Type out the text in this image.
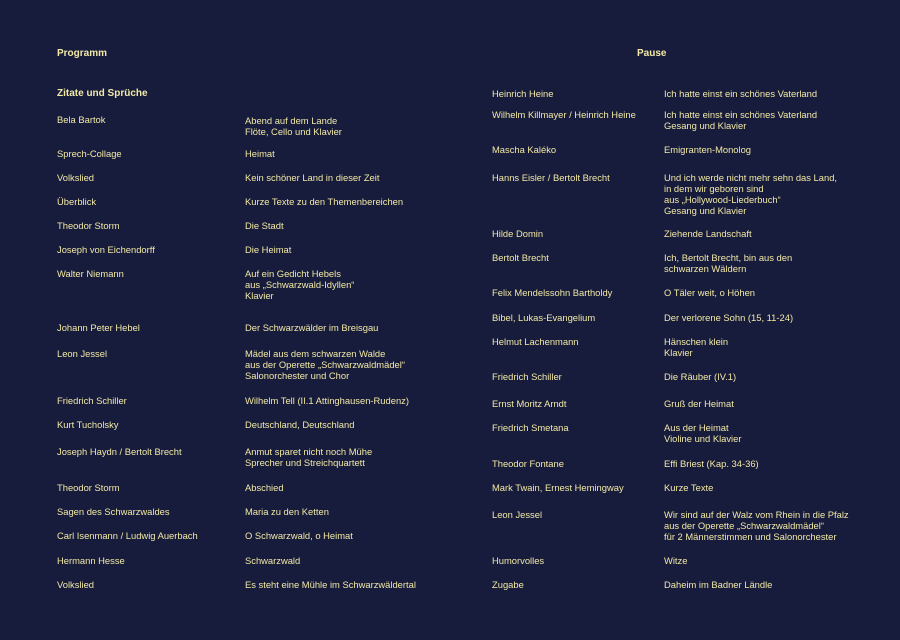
Programm
Zitate und Sprüche
Bela Bartok	Abend auf dem Lande
Flöte, Cello und Klavier
Sprech-Collage	Heimat
Volkslied	Kein schöner Land in dieser Zeit
Überblick	Kurze Texte zu den Themenbereichen
Theodor Storm	Die Stadt
Joseph von Eichendorff	Die Heimat
Walter Niemann	Auf ein Gedicht Hebels
aus „Schwarzwald-Idyllen“
Klavier
Johann Peter Hebel	Der Schwarzwälder im Breisgau
Leon Jessel	Mädel aus dem schwarzen Walde
aus der Operette „Schwarzwaldmädel“
Salonorchester und Chor
Friedrich Schiller	Wilhelm Tell (II.1 Attinghausen-Rudenz)
Kurt Tucholsky	Deutschland, Deutschland
Joseph Haydn / Bertolt Brecht	Anmut sparet nicht noch Mühe
Sprecher und Streichquartett
Theodor Storm	Abschied
Sagen des Schwarzwaldes	Maria zu den Ketten
Carl Isenmann / Ludwig Auerbach	O Schwarzwald, o Heimat
Hermann Hesse	Schwarzwald
Volkslied	Es steht eine Mühle im Schwarzwäldertal
Pause
Heinrich Heine	Ich hatte einst ein schönes Vaterland
Wilhelm Killmayer / Heinrich Heine	Ich hatte einst ein schönes Vaterland
Gesang und Klavier
Mascha Kaléko	Emigranten-Monolog
Hanns Eisler / Bertolt Brecht	Und ich werde nicht mehr sehn das Land,
in dem wir geboren sind
aus „Hollywood-Liederbuch“
Gesang und Klavier
Hilde Domin	Ziehende Landschaft
Bertolt Brecht	Ich, Bertolt Brecht, bin aus den
schwarzen Wäldern
Felix Mendelssohn Bartholdy	O Täler weit, o Höhen
Bibel, Lukas-Evangelium	Der verlorene Sohn (15, 11-24)
Helmut Lachenmann	Hänschen klein
Klavier
Friedrich Schiller	Die Räuber (IV.1)
Ernst Moritz Arndt	Gruß der Heimat
Friedrich Smetana	Aus der Heimat
Violine und Klavier
Theodor Fontane	Effi Briest (Kap. 34-36)
Mark Twain, Ernest Hemingway	Kurze Texte
Leon Jessel	Wir sind auf der Walz vom Rhein in die Pfalz
aus der Operette „Schwarzwaldmädel“
für 2 Männerstimmen und Salonorchester
Humorvolles	Witze
Zugabe	Daheim im Badner Ländle
